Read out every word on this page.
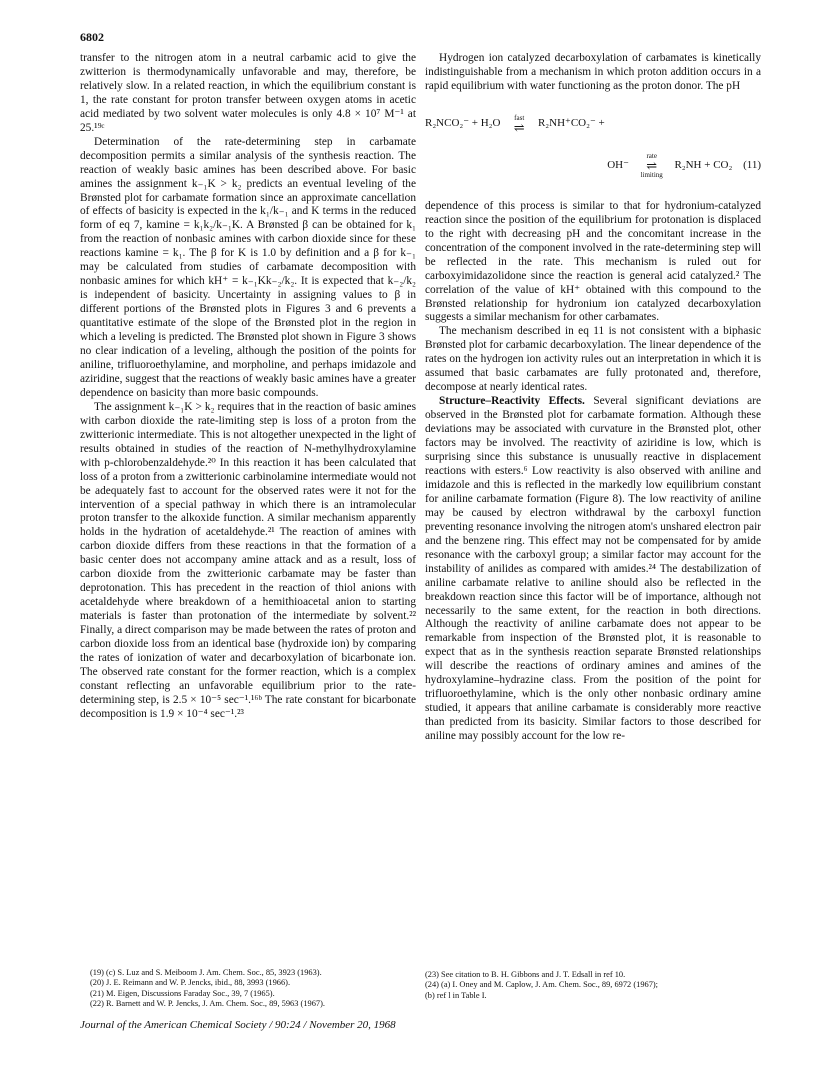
6802

transfer to the nitrogen atom in a neutral carbamic acid to give the zwitterion is thermodynamically unfavorable and may, therefore, be relatively slow. In a related reaction, in which the equilibrium constant is 1, the rate constant for proton transfer between oxygen atoms in acetic acid mediated by two solvent water molecules is only 4.8 × 10⁷ M⁻¹ at 25.¹⁹ᶜ

Determination of the rate-determining step in carbamate decomposition permits a similar analysis of the synthesis reaction. The reaction of weakly basic amines has been described above. For basic amines the assignment k₋₁K > k₂ predicts an eventual leveling of the Brønsted plot for carbamate formation since an approximate cancellation of effects of basicity is expected in the k₁/k₋₁ and K terms in the reduced form of eq 7, kamine = k₁k₂/k₋₁K. A Brønsted β can be obtained for k₁ from the reaction of nonbasic amines with carbon dioxide since for these reactions kamine = k₁. The β for K is 1.0 by definition and a β for k₋₁ may be calculated from studies of carbamate decomposition with nonbasic amines for which kH⁺ = k₋₁Kk₋₂/k₂. It is expected that k₋₂/k₂ is independent of basicity. Uncertainty in assigning values to β in different portions of the Brønsted plots in Figures 3 and 6 prevents a quantitative estimate of the slope of the Brønsted plot in the region in which a leveling is predicted. The Brønsted plot shown in Figure 3 shows no clear indication of a leveling, although the position of the points for aniline, trifluoroethylamine, and morpholine, and perhaps imidazole and aziridine, suggest that the reactions of weakly basic amines have a greater dependence on basicity than more basic compounds.

The assignment k₋₁K > k₂ requires that in the reaction of basic amines with carbon dioxide the rate-limiting step is loss of a proton from the zwitterionic intermediate. This is not altogether unexpected in the light of results obtained in studies of the reaction of N-methylhydroxylamine with p-chlorobenzaldehyde.²⁰ In this reaction it has been calculated that loss of a proton from a zwitterionic carbinolamine intermediate would not be adequately fast to account for the observed rates were it not for the intervention of a special pathway in which there is an intramolecular proton transfer to the alkoxide function. A similar mechanism apparently holds in the hydration of acetaldehyde.²¹ The reaction of amines with carbon dioxide differs from these reactions in that the formation of a basic center does not accompany amine attack and as a result, loss of carbon dioxide from the zwitterionic carbamate may be faster than deprotonation. This has precedent in the reaction of thiol anions with acetaldehyde where breakdown of a hemithioacetal anion to starting materials is faster than protonation of the intermediate by solvent.²² Finally, a direct comparison may be made between the rates of proton and carbon dioxide loss from an identical base (hydroxide ion) by comparing the rates of ionization of water and decarboxylation of bicarbonate ion. The observed rate constant for the former reaction, which is a complex constant reflecting an unfavorable equilibrium prior to the rate-determining step, is 2.5 × 10⁻⁵ sec⁻¹.¹⁶ᵇ The rate constant for bicarbonate decomposition is 1.9 × 10⁻⁴ sec⁻¹.²³

Hydrogen ion catalyzed decarboxylation of carbamates is kinetically indistinguishable from a mechanism in which proton addition occurs in a rapid equilibrium with water functioning as the proton donor. The pH

R₂NCO₂⁻ + H₂O	fast
⇌	R₂NH⁺CO₂⁻ +
OH⁻
rate
⇌
limiting
R₂NH + CO₂ (11)

dependence of this process is similar to that for hydronium-catalyzed reaction since the position of the equilibrium for protonation is displaced to the right with decreasing pH and the concomitant increase in the concentration of the component involved in the rate-determining step will be reflected in the rate. This mechanism is ruled out for carboxyimidazolidone since the reaction is general acid catalyzed.² The correlation of the value of kH⁺ obtained with this compound to the Brønsted relationship for hydronium ion catalyzed decarboxylation suggests a similar mechanism for other carbamates.

The mechanism described in eq 11 is not consistent with a biphasic Brønsted plot for carbamic decarboxylation. The linear dependence of the rates on the hydrogen ion activity rules out an interpretation in which it is assumed that basic carbamates are fully protonated and, therefore, decompose at nearly identical rates.

Structure–Reactivity Effects. Several significant deviations are observed in the Brønsted plot for carbamate formation. Although these deviations may be associated with curvature in the Brønsted plot, other factors may be involved. The reactivity of aziridine is low, which is surprising since this substance is unusually reactive in displacement reactions with esters.⁶ Low reactivity is also observed with aniline and imidazole and this is reflected in the markedly low equilibrium constant for aniline carbamate formation (Figure 8). The low reactivity of aniline may be caused by electron withdrawal by the carboxyl function preventing resonance involving the nitrogen atom's unshared electron pair and the benzene ring. This effect may not be compensated for by amide resonance with the carboxyl group; a similar factor may account for the instability of anilides as compared with amides.²⁴ The destabilization of aniline carbamate relative to aniline should also be reflected in the breakdown reaction since this factor will be of importance, although not necessarily to the same extent, for the reaction in both directions. Although the reactivity of aniline carbamate does not appear to be remarkable from inspection of the Brønsted plot, it is reasonable to expect that as in the synthesis reaction separate Brønsted relationships will describe the reactions of ordinary amines and amines of the hydroxylamine–hydrazine class. From the position of the point for trifluoroethylamine, which is the only other nonbasic ordinary amine studied, it appears that aniline carbamate is considerably more reactive than predicted from its basicity. Similar factors to those described for aniline may possibly account for the low re-

(19) (c) S. Luz and S. Meiboom J. Am. Chem. Soc., 85, 3923 (1963).

(20) J. E. Reimann and W. P. Jencks, ibid., 88, 3993 (1966).

(21) M. Eigen, Discussions Faraday Soc., 39, 7 (1965).

(22) R. Barnett and W. P. Jencks, J. Am. Chem. Soc., 89, 5963 (1967).

(23) See citation to B. H. Gibbons and J. T. Edsall in ref 10.

(24) (a) I. Oney and M. Caplow, J. Am. Chem. Soc., 89, 6972 (1967);

(b) ref l in Table I.

Journal of the American Chemical Society / 90:24 / November 20, 1968
